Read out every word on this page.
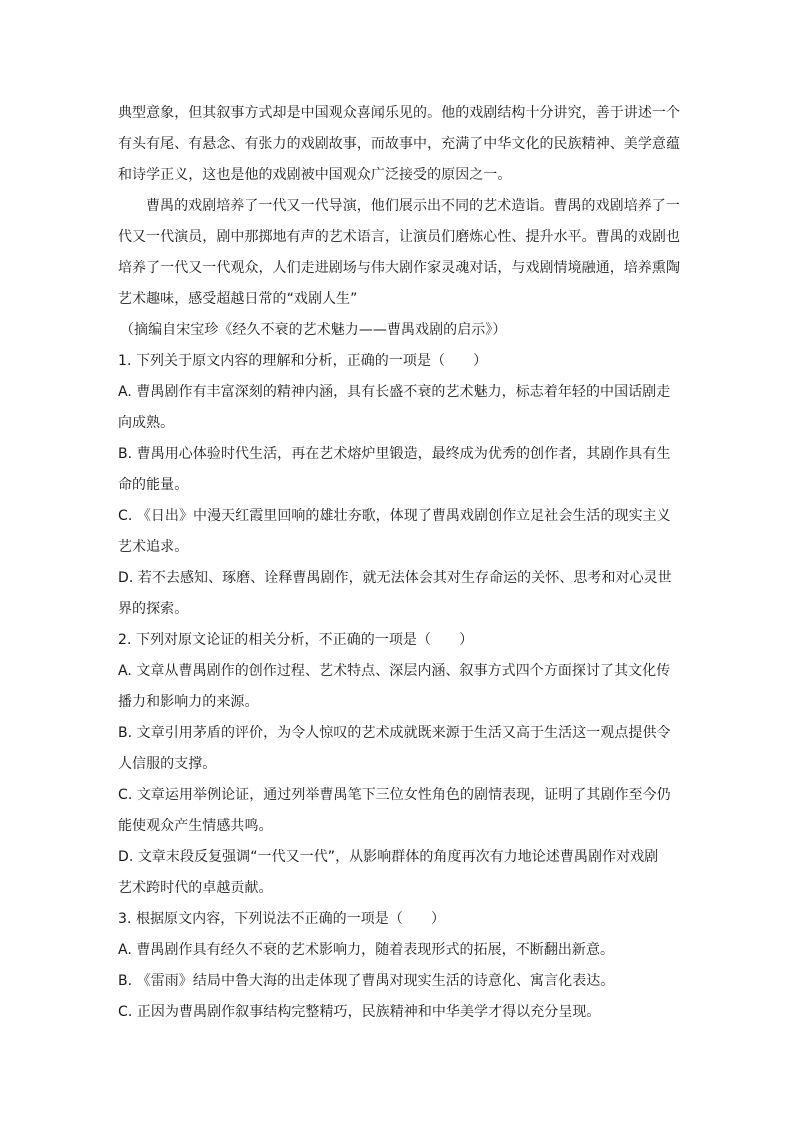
典型意象，但其叙事方式却是中国观众喜闻乐见的。他的戏剧结构十分讲究，善于讲述一个
有头有尾、有悬念、有张力的戏剧故事，而故事中，充满了中华文化的民族精神、美学意蕴
和诗学正义，这也是他的戏剧被中国观众广泛接受的原因之一。
曹禺的戏剧培养了一代又一代导演，他们展示出不同的艺术造诣。曹禺的戏剧培养了一
代又一代演员，剧中那掷地有声的艺术语言，让演员们磨炼心性、提升水平。曹禺的戏剧也
培养了一代又一代观众，人们走进剧场与伟大剧作家灵魂对话，与戏剧情境融通，培养熏陶
艺术趣味，感受超越日常的“戏剧人生”
（摘编自宋宝珍《经久不衰的艺术魅力——曹禺戏剧的启示》）
1. 下列关于原文内容的理解和分析，正确的一项是（　　）
A. 曹禺剧作有丰富深刻的精神内涵，具有长盛不衰的艺术魅力，标志着年轻的中国话剧走
向成熟。
B. 曹禺用心体验时代生活，再在艺术熔炉里锻造，最终成为优秀的创作者，其剧作具有生
命的能量。
C. 《日出》中漫天红霞里回响的雄壮夯歌，体现了曹禺戏剧创作立足社会生活的现实主义
艺术追求。
D. 若不去感知、琢磨、诠释曹禺剧作，就无法体会其对生存命运的关怀、思考和对心灵世
界的探索。
2. 下列对原文论证的相关分析，不正确的一项是（　　）
A. 文章从曹禺剧作的创作过程、艺术特点、深层内涵、叙事方式四个方面探讨了其文化传
播力和影响力的来源。
B. 文章引用茅盾的评价，为令人惊叹的艺术成就既来源于生活又高于生活这一观点提供令
人信服的支撑。
C. 文章运用举例论证，通过列举曹禺笔下三位女性角色的剧情表现，证明了其剧作至今仍
能使观众产生情感共鸣。
D. 文章末段反复强调“一代又一代”，从影响群体的角度再次有力地论述曹禺剧作对戏剧
艺术跨时代的卓越贡献。
3. 根据原文内容，下列说法不正确的一项是（　　）
A. 曹禺剧作具有经久不衰的艺术影响力，随着表现形式的拓展，不断翻出新意。
B. 《雷雨》结局中鲁大海的出走体现了曹禺对现实生活的诗意化、寓言化表达。
C. 正因为曹禺剧作叙事结构完整精巧，民族精神和中华美学才得以充分呈现。
